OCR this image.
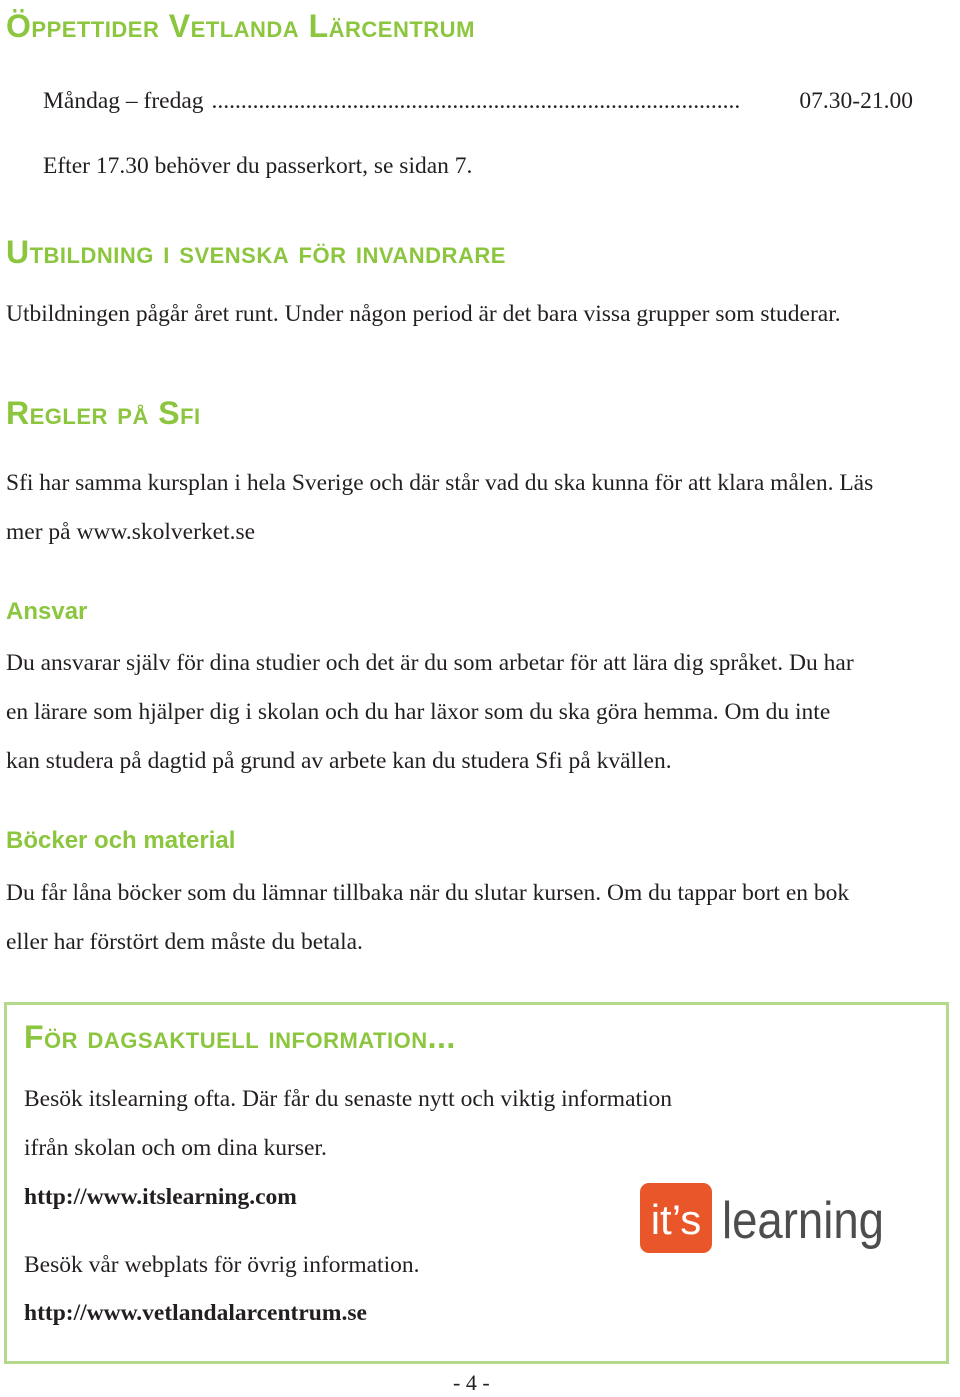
Öppettider Vetlanda Lärcentrum
Måndag – fredag ..........................................................................................	07.30-21.00

Efter 17.30 behöver du passerkort, se sidan 7.

Utbildning i svenska för invandrare

Utbildningen pågår året runt. Under någon period är det bara vissa grupper som studerar.

Regler på Sfi

Sfi har samma kursplan i hela Sverige och där står vad du ska kunna för att klara målen. Läs

mer på www.skolverket.se

Ansvar

Du ansvarar själv för dina studier och det är du som arbetar för att lära dig språket. Du har

en lärare som hjälper dig i skolan och du har läxor som du ska göra hemma. Om du inte

kan studera på dagtid på grund av arbete kan du studera Sfi på kvällen.

Böcker och material

Du får låna böcker som du lämnar tillbaka när du slutar kursen. Om du tappar bort en bok

eller har förstört dem måste du betala.

För dagsaktuell information...

Besök itslearning ofta. Där får du senaste nytt och viktig information

ifrån skolan och om dina kurser.

http://www.itslearning.com

Besök vår webplats för övrig information.

http://www.vetlandalarcentrum.se
it’s learning

- 4 -
